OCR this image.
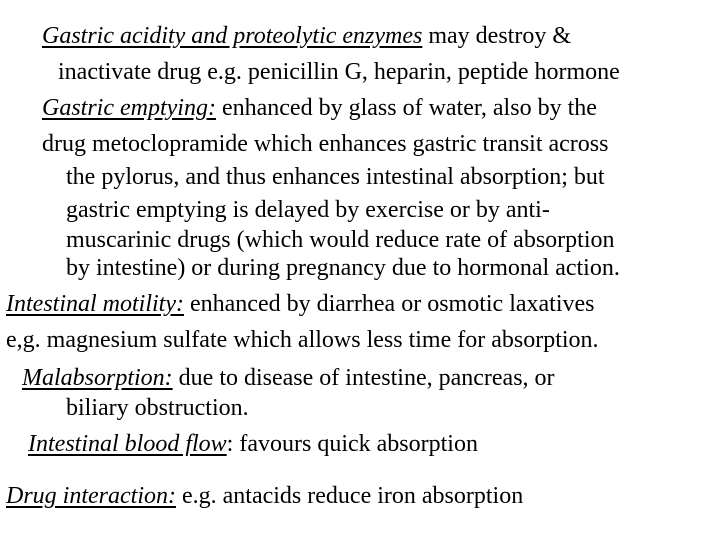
Gastric acidity and proteolytic enzymes may destroy &

inactivate drug e.g. penicillin G, heparin, peptide hormone

Gastric emptying: enhanced by glass of water, also by the

drug metoclopramide which enhances gastric transit across

the pylorus, and thus enhances intestinal absorption; but

gastric emptying is delayed by exercise or by anti-

muscarinic drugs (which would reduce rate of absorption

by intestine) or during pregnancy due to hormonal action.

Intestinal motility: enhanced by diarrhea or osmotic laxatives

e,g. magnesium sulfate which allows less time for absorption.

Malabsorption: due to disease of intestine, pancreas, or

biliary obstruction.

Intestinal blood flow: favours quick absorption

Drug interaction: e.g. antacids reduce iron absorption
